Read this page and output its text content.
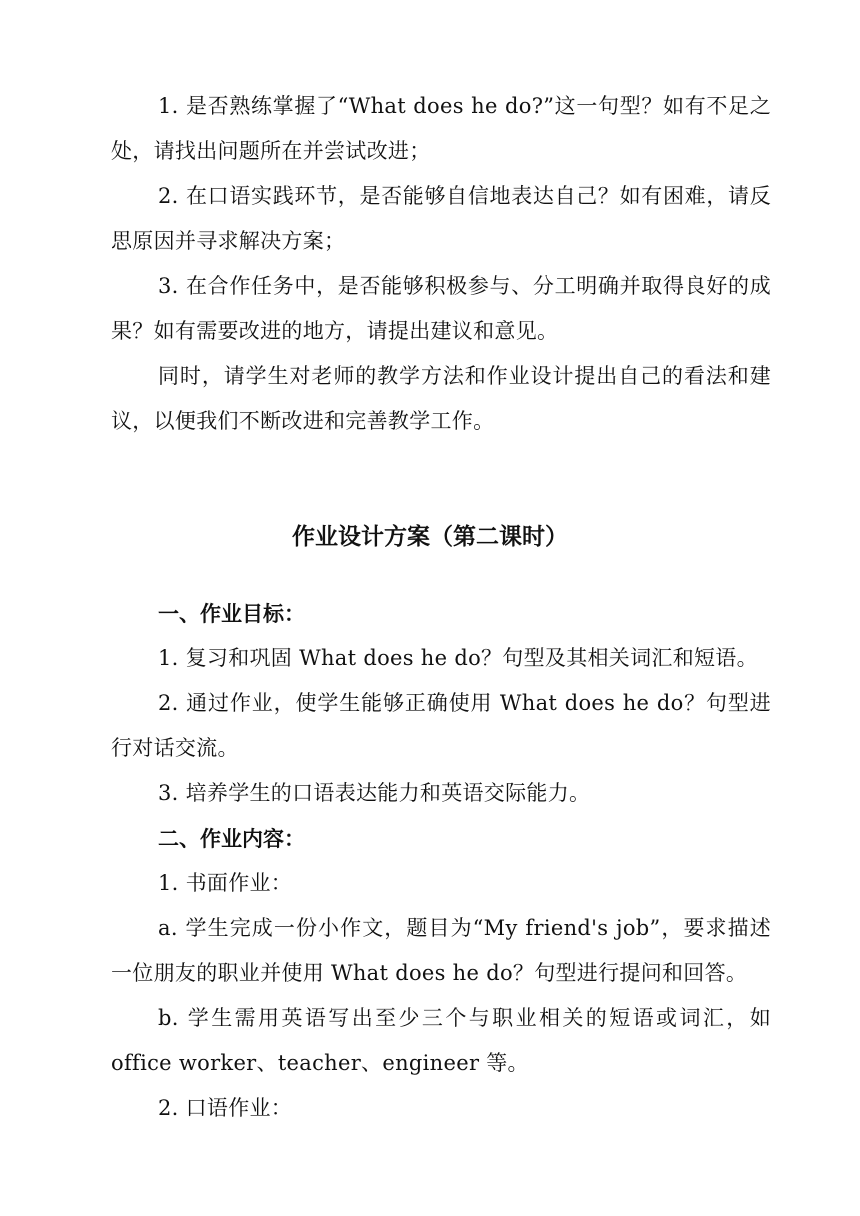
1. 是否熟练掌握了“What does he do?”这一句型？如有不足之处，请找出问题所在并尝试改进；

2. 在口语实践环节，是否能够自信地表达自己？如有困难，请反思原因并寻求解决方案；

3. 在合作任务中，是否能够积极参与、分工明确并取得良好的成果？如有需要改进的地方，请提出建议和意见。

同时，请学生对老师的教学方法和作业设计提出自己的看法和建议，以便我们不断改进和完善教学工作。

作业设计方案（第二课时）
一、作业目标：

1. 复习和巩固 What does he do？句型及其相关词汇和短语。

2. 通过作业，使学生能够正确使用 What does he do？句型进行对话交流。

3. 培养学生的口语表达能力和英语交际能力。

二、作业内容：

1. 书面作业：

a. 学生完成一份小作文，题目为“My friend's job”，要求描述一位朋友的职业并使用 What does he do？句型进行提问和回答。

b. 学生需用英语写出至少三个与职业相关的短语或词汇，如 office worker、teacher、engineer 等。

2. 口语作业：
